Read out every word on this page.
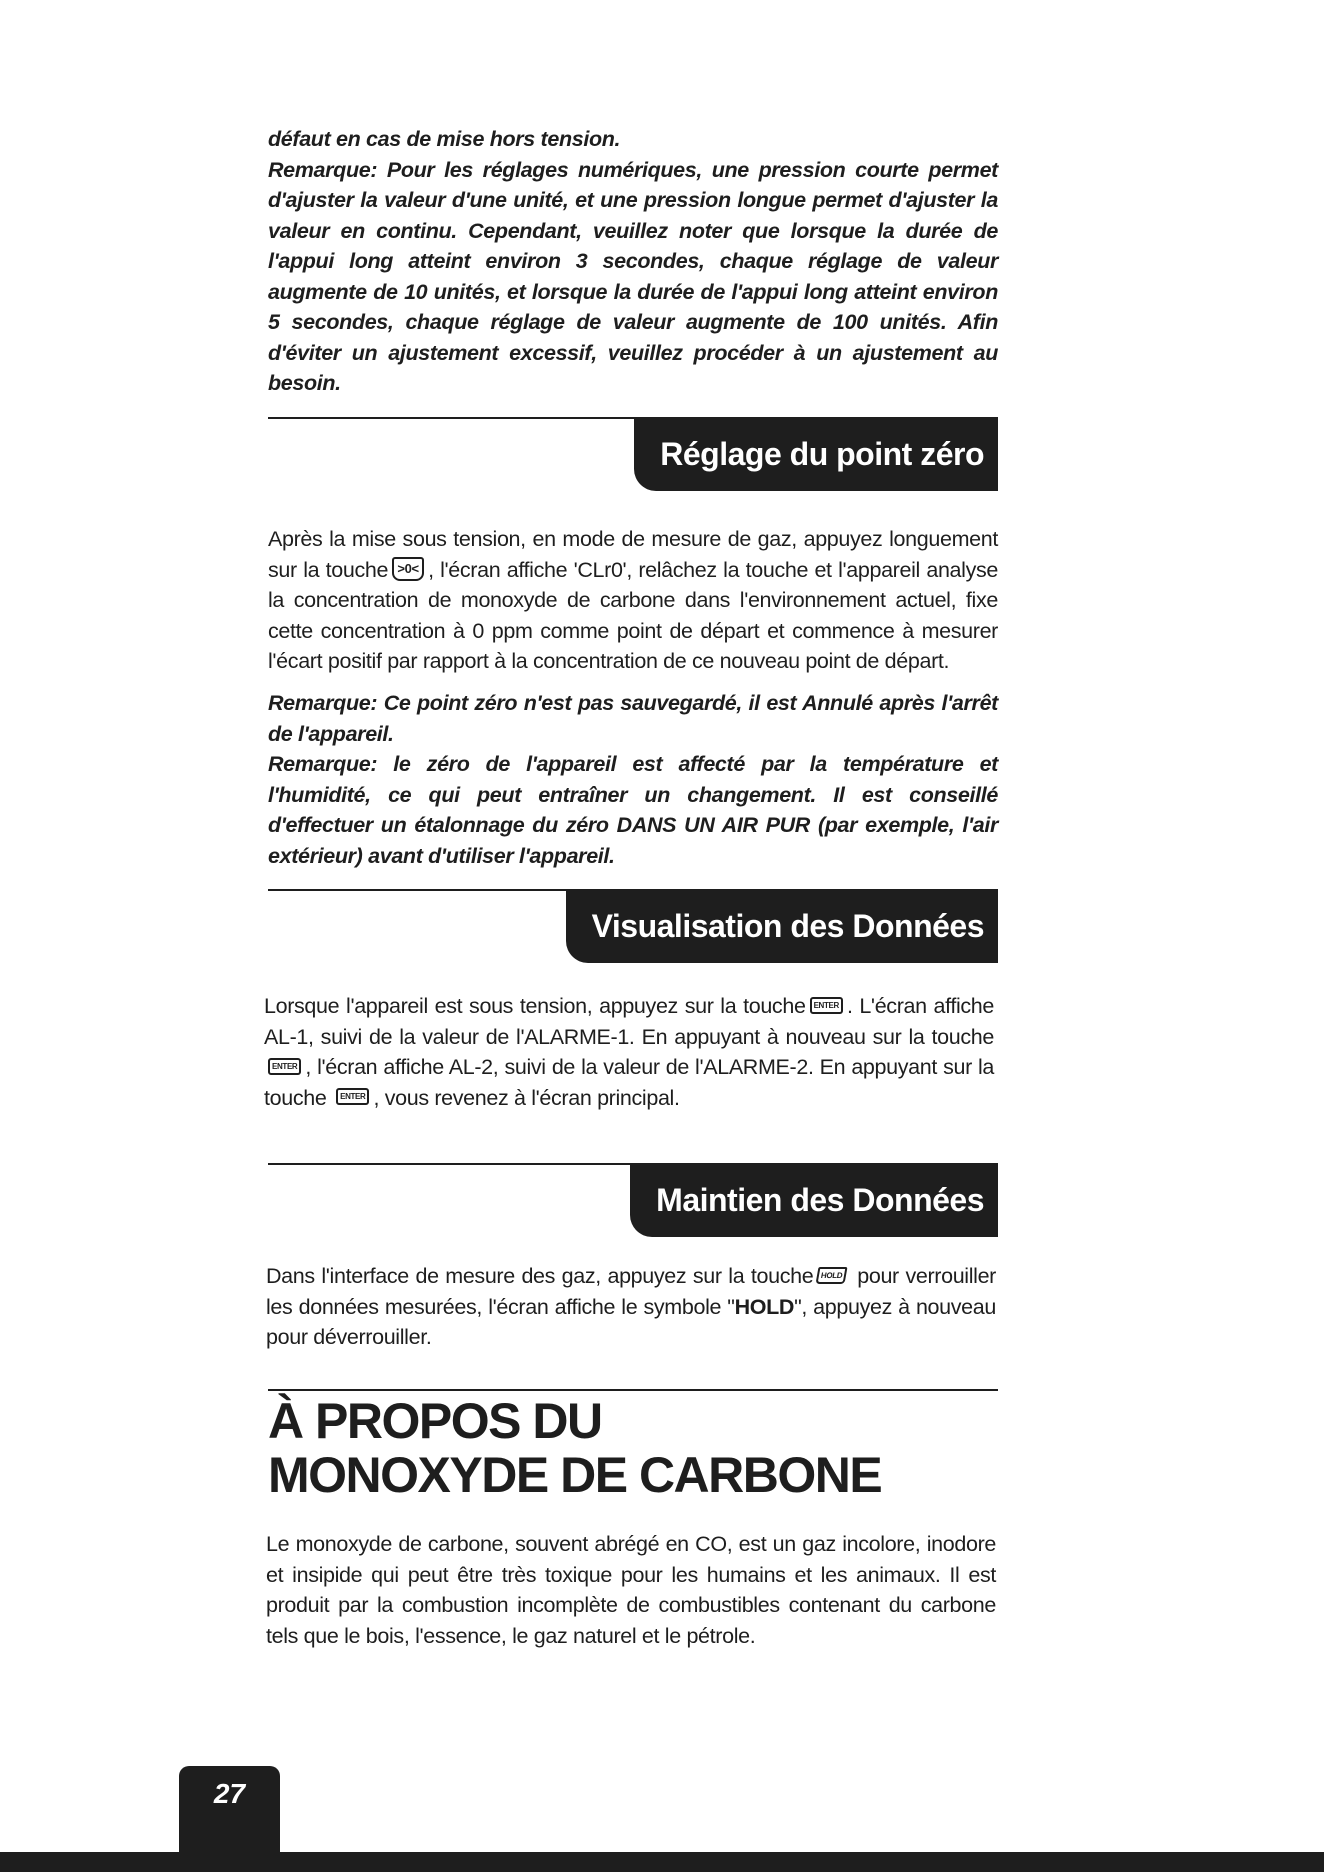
défaut en cas de mise hors tension.

Remarque: Pour les réglages numériques, une pression courte permet d'ajuster la valeur d'une unité, et une pression longue permet d'ajuster la valeur en continu. Cependant, veuillez noter que lorsque la durée de l'appui long atteint environ 3 secondes, chaque réglage de valeur augmente de 10 unités, et lorsque la durée de l'appui long atteint environ 5 secondes, chaque réglage de valeur augmente de 100 unités. Afin d'éviter un ajustement excessif, veuillez procéder à un ajustement au besoin.

Réglage du point zéro

Après la mise sous tension, en mode de mesure de gaz, appuyez longuement sur la touche >0< , l'écran affiche 'CLr0', relâchez la touche et l'appareil analyse la concentration de monoxyde de carbone dans l'environnement actuel, fixe cette concentration à 0 ppm comme point de départ et commence à mesurer l'écart positif par rapport à la concentration de ce nouveau point de départ.

Remarque: Ce point zéro n'est pas sauvegardé, il est Annulé après l'arrêt de l'appareil.

Remarque: le zéro de l'appareil est affecté par la température et l'humidité, ce qui peut entraîner un changement. Il est conseillé d'effectuer un étalonnage du zéro DANS UN AIR PUR (par exemple, l'air extérieur) avant d'utiliser l'appareil.

Visualisation des Données

Lorsque l'appareil est sous tension, appuyez sur la touche ENTER . L'écran affiche AL-1, suivi de la valeur de l'ALARME-1. En appuyant à nouveau sur la toucheENTER , l'écran affiche AL-2, suivi de la valeur de l'ALARME-2. En appuyant sur la touche ENTER , vous revenez à l'écran principal.

Maintien des Données

Dans l'interface de mesure des gaz, appuyez sur la touche HOLD pour verrouiller les données mesurées, l'écran affiche le symbole "HOLD", appuyez à nouveau pour déverrouiller.

À PROPOS DU
MONOXYDE DE CARBONE

Le monoxyde de carbone, souvent abrégé en CO, est un gaz incolore, inodore et insipide qui peut être très toxique pour les humains et les animaux. Il est produit par la combustion incomplète de combustibles contenant du carbone tels que le bois, l'essence, le gaz naturel et le pétrole.

27
